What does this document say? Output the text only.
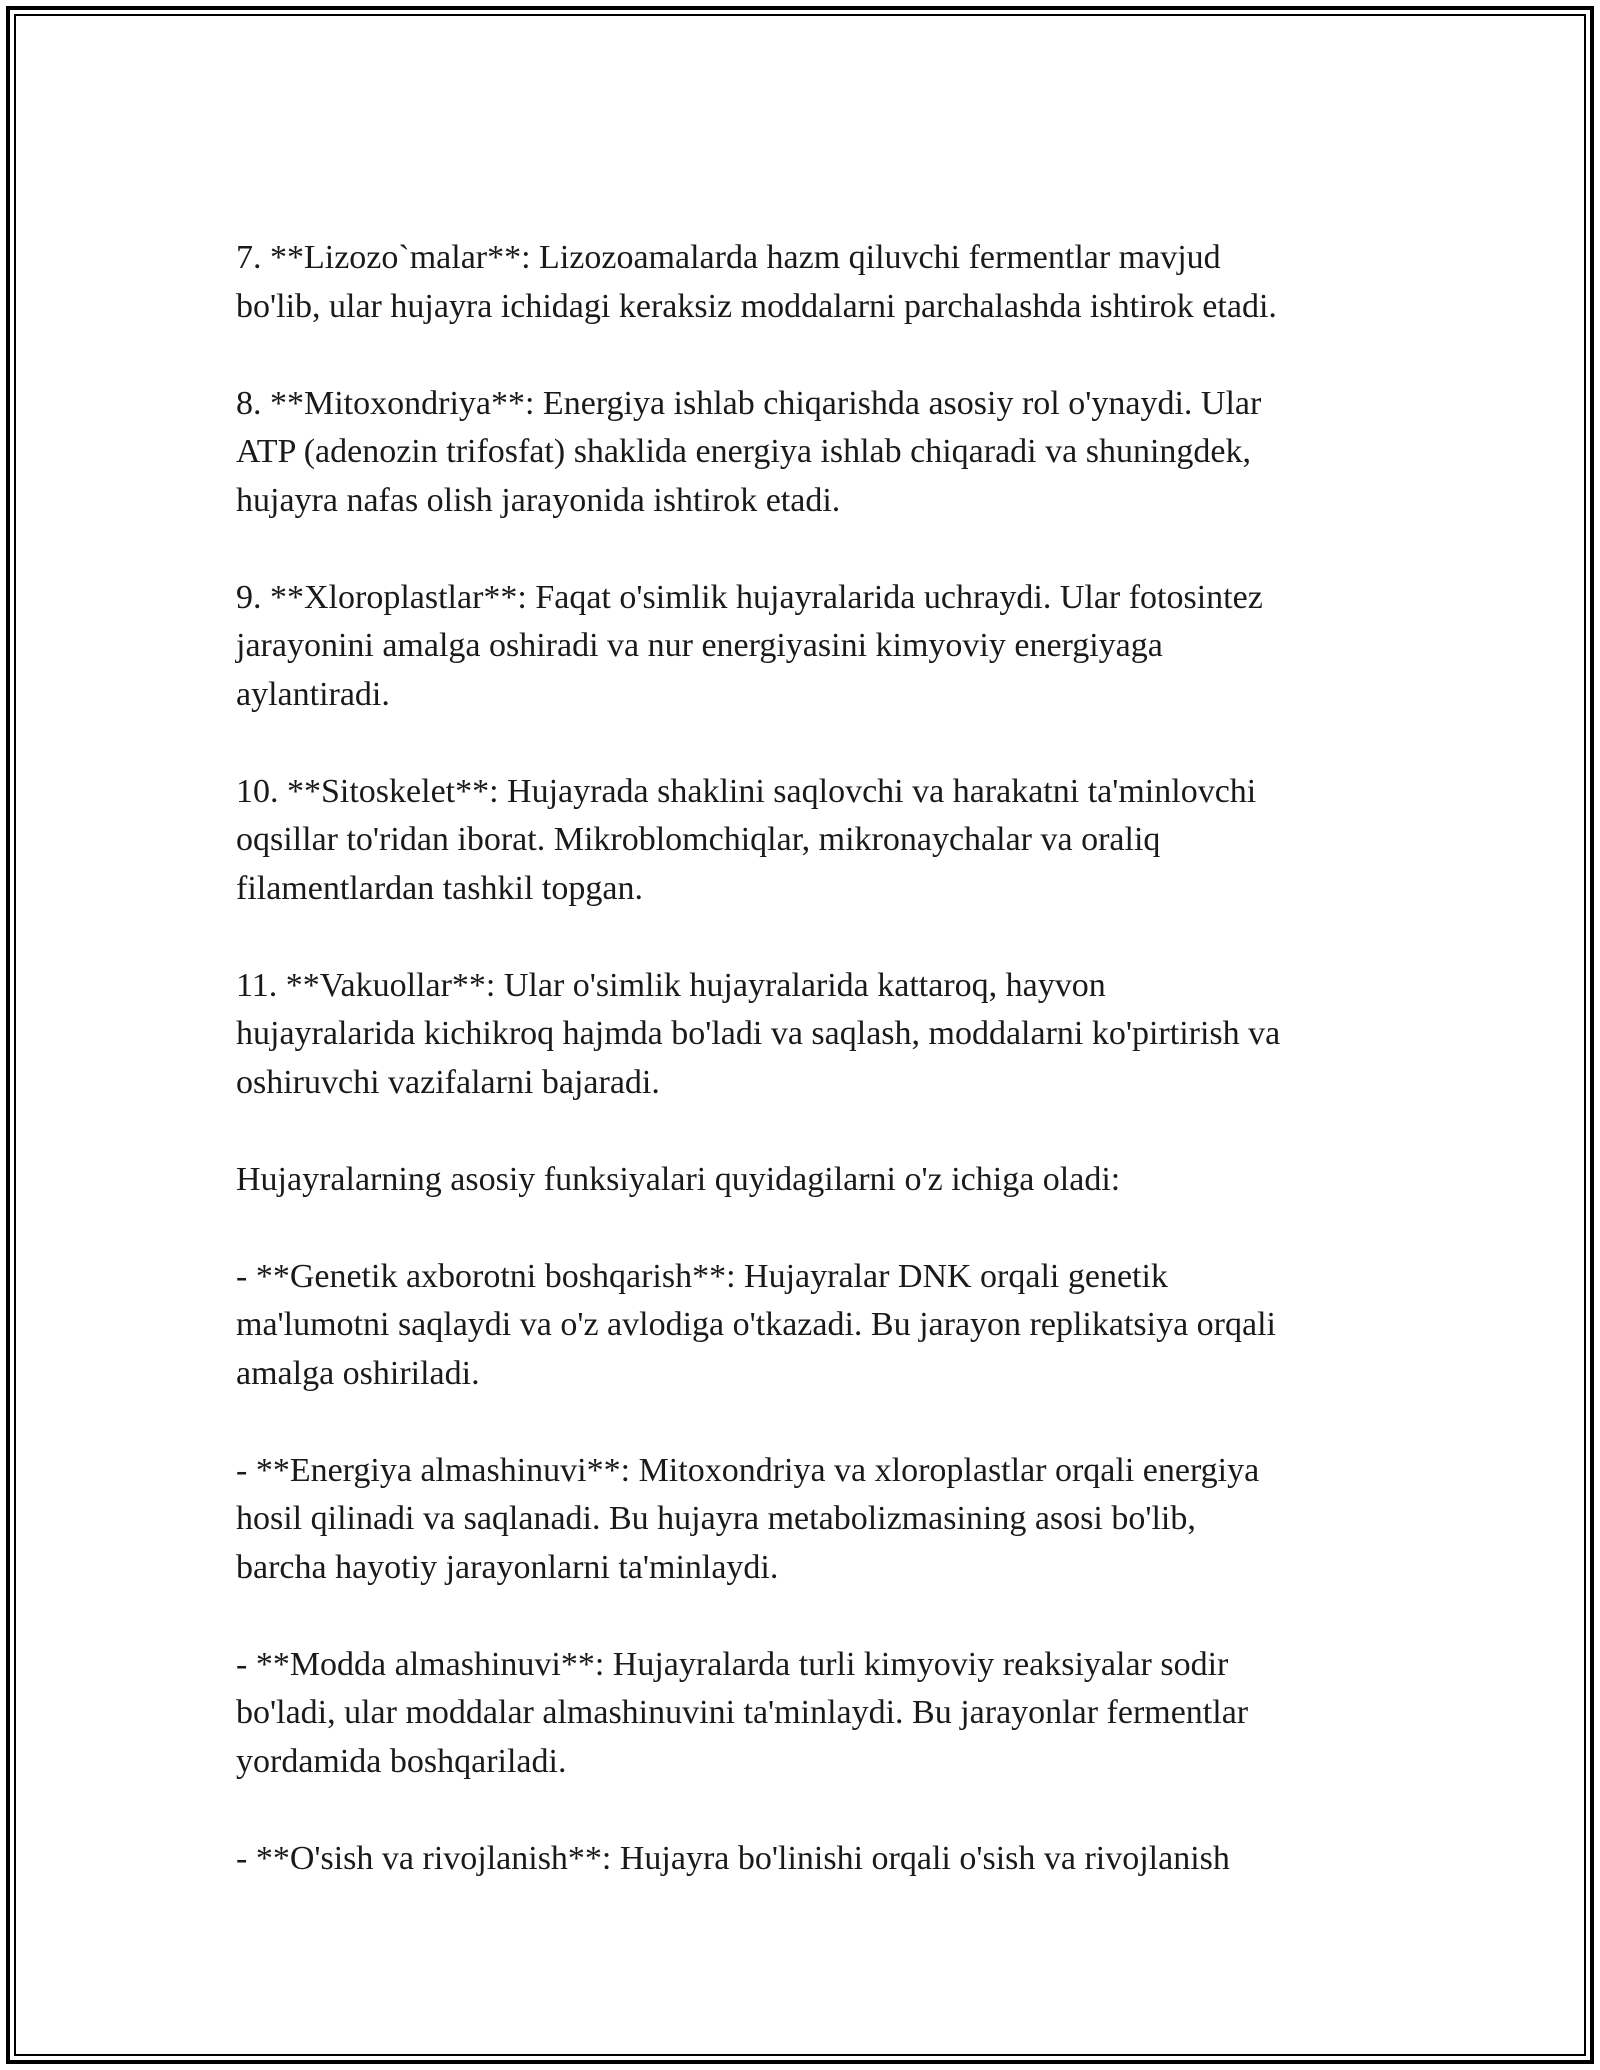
7. **Lizozo`malar**: Lizozoamalarda hazm qiluvchi fermentlar mavjud
bo'lib, ular hujayra ichidagi keraksiz moddalarni parchalashda ishtirok etadi.

8. **Mitoxondriya**: Energiya ishlab chiqarishda asosiy rol o'ynaydi. Ular
ATP (adenozin trifosfat) shaklida energiya ishlab chiqaradi va shuningdek,
hujayra nafas olish jarayonida ishtirok etadi.

9. **Xloroplastlar**: Faqat o'simlik hujayralarida uchraydi. Ular fotosintez
jarayonini amalga oshiradi va nur energiyasini kimyoviy energiyaga
aylantiradi.

10. **Sitoskelet**: Hujayrada shaklini saqlovchi va harakatni ta'minlovchi
oqsillar to'ridan iborat. Mikroblomchiqlar, mikronaychalar va oraliq
filamentlardan tashkil topgan.

11. **Vakuollar**: Ular o'simlik hujayralarida kattaroq, hayvon
hujayralarida kichikroq hajmda bo'ladi va saqlash, moddalarni ko'pirtirish va
oshiruvchi vazifalarni bajaradi.

Hujayralarning asosiy funksiyalari quyidagilarni o'z ichiga oladi:

- **Genetik axborotni boshqarish**: Hujayralar DNK orqali genetik
ma'lumotni saqlaydi va o'z avlodiga o'tkazadi. Bu jarayon replikatsiya orqali
amalga oshiriladi.

- **Energiya almashinuvi**: Mitoxondriya va xloroplastlar orqali energiya
hosil qilinadi va saqlanadi. Bu hujayra metabolizmasining asosi bo'lib,
barcha hayotiy jarayonlarni ta'minlaydi.

- **Modda almashinuvi**: Hujayralarda turli kimyoviy reaksiyalar sodir
bo'ladi, ular moddalar almashinuvini ta'minlaydi. Bu jarayonlar fermentlar
yordamida boshqariladi.

- **O'sish va rivojlanish**: Hujayra bo'linishi orqali o'sish va rivojlanish
